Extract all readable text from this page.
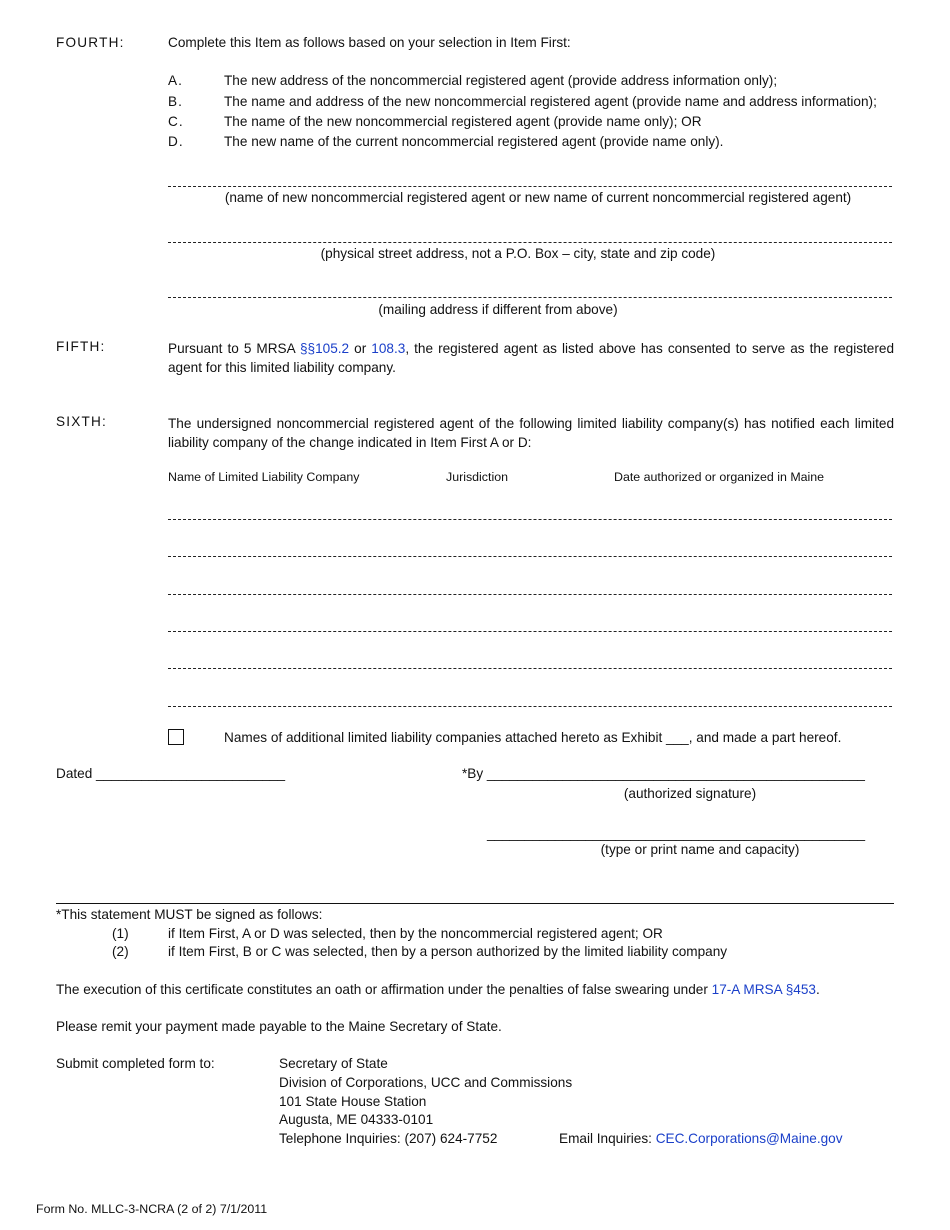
FOURTH:	Complete this Item as follows based on your selection in Item First:
A.	The new address of the noncommercial registered agent (provide address information only);
B.	The name and address of the new noncommercial registered agent (provide name and address information);
C.	The name of the new noncommercial registered agent (provide name only); OR
D.	The new name of the current noncommercial registered agent (provide name only).
(name of new noncommercial registered agent or new name of current noncommercial registered agent)
(physical street address, not a P.O. Box – city, state and zip code)
(mailing address if different from above)
FIFTH:	Pursuant to 5 MRSA §§105.2 or 108.3, the registered agent as listed above has consented to serve as the registered agent for this limited liability company.
SIXTH:	The undersigned noncommercial registered agent of the following limited liability company(s) has notified each limited liability company of the change indicated in Item First A or D:
Name of Limited Liability Company	Jurisdiction	Date authorized or organized in Maine
Names of additional limited liability companies attached hereto as Exhibit ___, and made a part hereof.
Dated _________________________	*By __________________________________________________
(authorized signature)
__________________________________________________
(type or print name and capacity)
*This statement MUST be signed as follows:
(1)	if Item First, A or D was selected, then by the noncommercial registered agent; OR
(2)	if Item First, B or C was selected, then by a person authorized by the limited liability company
The execution of this certificate constitutes an oath or affirmation under the penalties of false swearing under 17-A MRSA §453.
Please remit your payment made payable to the Maine Secretary of State.
Submit completed form to:	Secretary of State
Division of Corporations, UCC and Commissions
101 State House Station
Augusta, ME 04333-0101
Telephone Inquiries: (207) 624-7752	Email Inquiries: CEC.Corporations@Maine.gov
Form No. MLLC-3-NCRA (2 of 2) 7/1/2011
